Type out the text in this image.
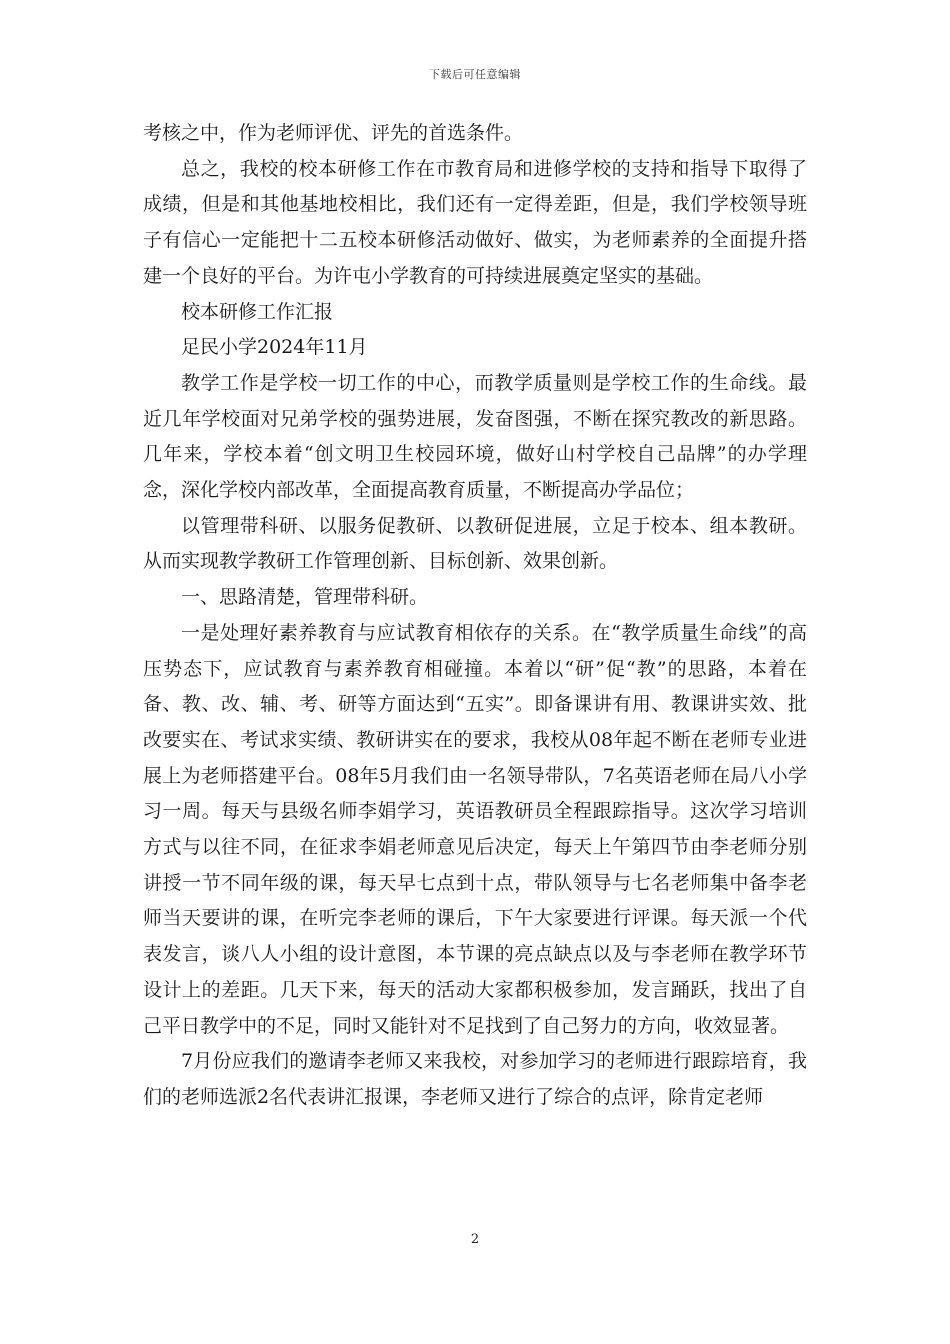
下载后可任意编辑

考核之中，作为老师评优、评先的首选条件。

总之，我校的校本研修工作在市教育局和进修学校的支持和指导下取得了成绩，但是和其他基地校相比，我们还有一定得差距，但是，我们学校领导班子有信心一定能把十二五校本研修活动做好、做实，为老师素养的全面提升搭建一个良好的平台。为许屯小学教育的可持续进展奠定坚实的基础。

校本研修工作汇报

足民小学2024年11月

教学工作是学校一切工作的中心，而教学质量则是学校工作的生命线。最近几年学校面对兄弟学校的强势进展，发奋图强，不断在探究教改的新思路。几年来，学校本着“创文明卫生校园环境，做好山村学校自己品牌”的办学理念，深化学校内部改革，全面提高教育质量，不断提高办学品位；

以管理带科研、以服务促教研、以教研促进展，立足于校本、组本教研。从而实现教学教研工作管理创新、目标创新、效果创新。

一、思路清楚，管理带科研。

一是处理好素养教育与应试教育相依存的关系。在“教学质量生命线”的高压势态下，应试教育与素养教育相碰撞。本着以“研”促“教”的思路，本着在备、教、改、辅、考、研等方面达到“五实”。即备课讲有用、教课讲实效、批改要实在、考试求实绩、教研讲实在的要求，我校从08年起不断在老师专业进展上为老师搭建平台。08年5月我们由一名领导带队，7名英语老师在局八小学习一周。每天与县级名师李娟学习，英语教研员全程跟踪指导。这次学习培训方式与以往不同，在征求李娟老师意见后决定，每天上午第四节由李老师分别讲授一节不同年级的课，每天早七点到十点，带队领导与七名老师集中备李老师当天要讲的课，在听完李老师的课后，下午大家要进行评课。每天派一个代表发言，谈八人小组的设计意图，本节课的亮点缺点以及与李老师在教学环节设计上的差距。几天下来，每天的活动大家都积极参加，发言踊跃，找出了自己平日教学中的不足，同时又能针对不足找到了自己努力的方向，收效显著。

7月份应我们的邀请李老师又来我校，对参加学习的老师进行跟踪培育，我们的老师选派2名代表讲汇报课，李老师又进行了综合的点评，除肯定老师

2
